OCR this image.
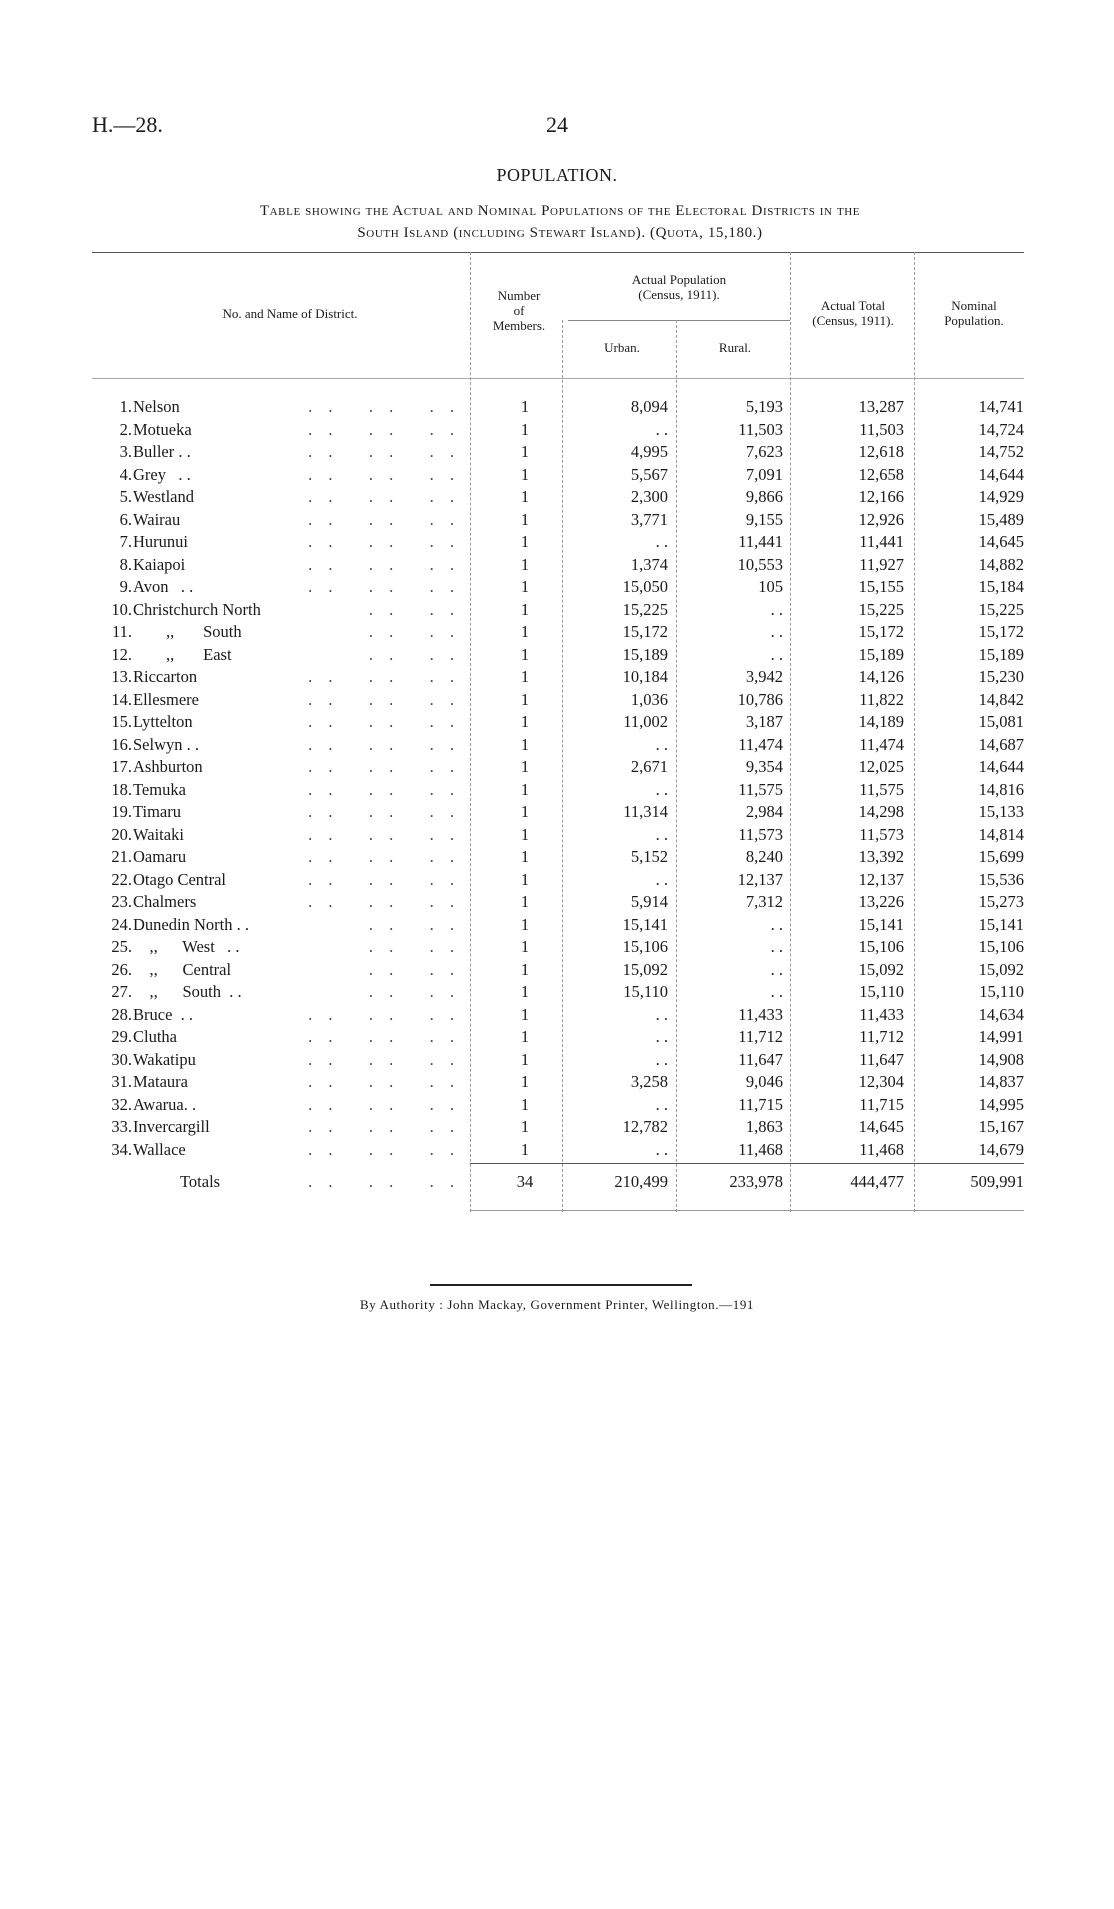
H.—28.	24
POPULATION.
Table showing the Actual and Nominal Populations of the Electoral Districts in the
South Island (including Stewart Island). (Quota, 15,180.)
No. and Name of District.
Number
of
Members.
Actual Population
(Census, 1911).
Urban.	Rural.
Actual Total
(Census, 1911).
Nominal
Population.
1. Nelson	. .   . .   . .	1	8,094	5,193	13,287	14,741
2. Motueka	. .   . .   . .	1	. .	11,503	11,503	14,724
3. Buller . .	. .   . .   . .	1	4,995	7,623	12,618	14,752
4. Grey   . .	. .   . .   . .	1	5,567	7,091	12,658	14,644
5. Westland	. .   . .   . .	1	2,300	9,866	12,166	14,929
6. Wairau	. .   . .   . .	1	3,771	9,155	12,926	15,489
7. Hurunui	. .   . .   . .	1	. .	11,441	11,441	14,645
8. Kaiapoi	. .   . .   . .	1	1,374	10,553	11,927	14,882
9. Avon   . .	. .   . .   . .	1	15,050	105	15,155	15,184
10. Christchurch North	. .   . .	1	15,225	. .	15,225	15,225
11. ,,       South	. .   . .	1	15,172	. .	15,172	15,172
12. ,,       East	. .   . .	1	15,189	. .	15,189	15,189
13. Riccarton	. .   . .   . .	1	10,184	3,942	14,126	15,230
14. Ellesmere	. .   . .   . .	1	1,036	10,786	11,822	14,842
15. Lyttelton	. .   . .   . .	1	11,002	3,187	14,189	15,081
16. Selwyn . .	. .   . .   . .	1	. .	11,474	11,474	14,687
17. Ashburton	. .   . .   . .	1	2,671	9,354	12,025	14,644
18. Temuka	. .   . .   . .	1	. .	11,575	11,575	14,816
19. Timaru	. .   . .   . .	1	11,314	2,984	14,298	15,133
20. Waitaki	. .   . .   . .	1	. .	11,573	11,573	14,814
21. Oamaru	. .   . .   . .	1	5,152	8,240	13,392	15,699
22. Otago Central	. .   . .   . .	1	. .	12,137	12,137	15,536
23. Chalmers	. .   . .   . .	1	5,914	7,312	13,226	15,273
24. Dunedin North . .	. .   . .	1	15,141	. .	15,141	15,141
25. ,,      West   . .	. .   . .	1	15,106	. .	15,106	15,106
26. ,,      Central	. .   . .	1	15,092	. .	15,092	15,092
27. ,,      South  . .	. .   . .	1	15,110	. .	15,110	15,110
28. Bruce  . .	. .   . .   . .	1	. .	11,433	11,433	14,634
29. Clutha	. .   . .   . .	1	. .	11,712	11,712	14,991
30. Wakatipu	. .   . .   . .	1	. .	11,647	11,647	14,908
31. Mataura	. .   . .   . .	1	3,258	9,046	12,304	14,837
32. Awarua. .	. .   . .   . .	1	. .	11,715	11,715	14,995
33. Invercargill	. .   . .   . .	1	12,782	1,863	14,645	15,167
34. Wallace	. .   . .   . .	1	. .	11,468	11,468	14,679
Totals	. .   . .   . .	34	210,499	233,978	444,477	509,991
By Authority : John Mackay, Government Printer, Wellington.—191
